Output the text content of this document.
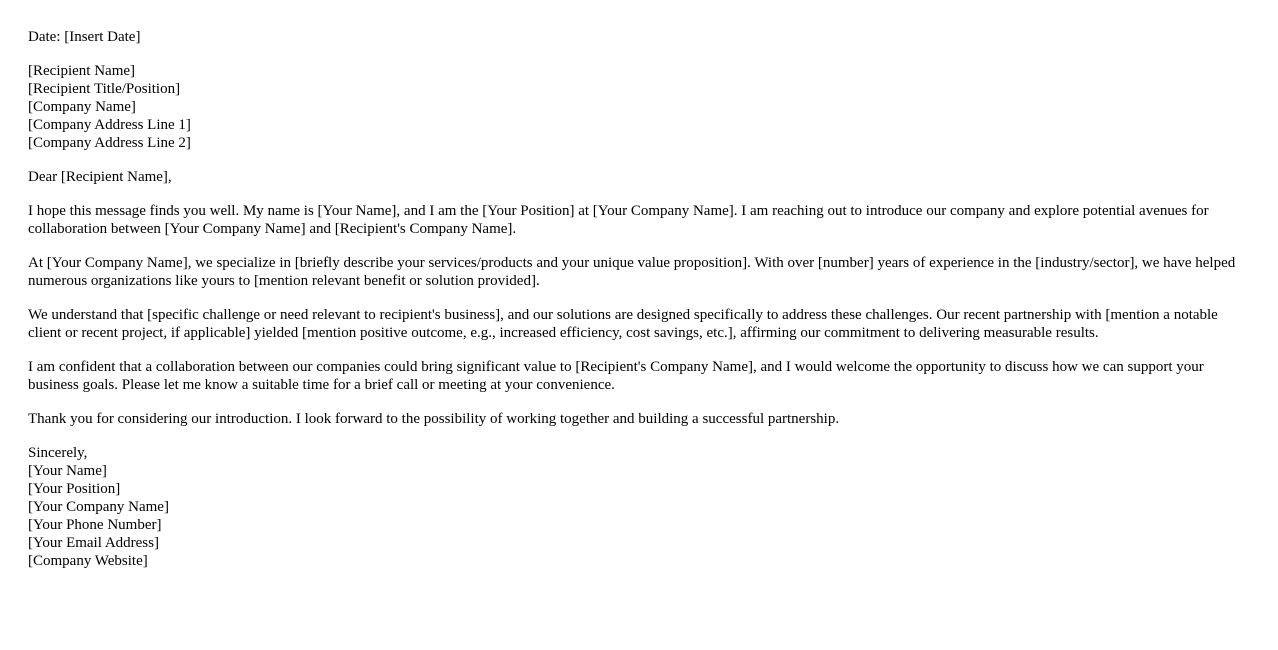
Date: [Insert Date]
[Recipient Name]
[Recipient Title/Position]
[Company Name]
[Company Address Line 1]
[Company Address Line 2]
Dear [Recipient Name],

I hope this message finds you well. My name is [Your Name], and I am the [Your Position] at [Your Company Name]. I am reaching out to introduce our company and explore potential avenues for collaboration between [Your Company Name] and [Recipient's Company Name].

At [Your Company Name], we specialize in [briefly describe your services/products and your unique value proposition]. With over [number] years of experience in the [industry/sector], we have helped numerous organizations like yours to [mention relevant benefit or solution provided].

We understand that [specific challenge or need relevant to recipient's business], and our solutions are designed specifically to address these challenges. Our recent partnership with [mention a notable client or recent project, if applicable] yielded [mention positive outcome, e.g., increased efficiency, cost savings, etc.], affirming our commitment to delivering measurable results.

I am confident that a collaboration between our companies could bring significant value to [Recipient's Company Name], and I would welcome the opportunity to discuss how we can support your business goals. Please let me know a suitable time for a brief call or meeting at your convenience.

Thank you for considering our introduction. I look forward to the possibility of working together and building a successful partnership.

Sincerely,
[Your Name]
[Your Position]
[Your Company Name]
[Your Phone Number]
[Your Email Address]
[Company Website]
